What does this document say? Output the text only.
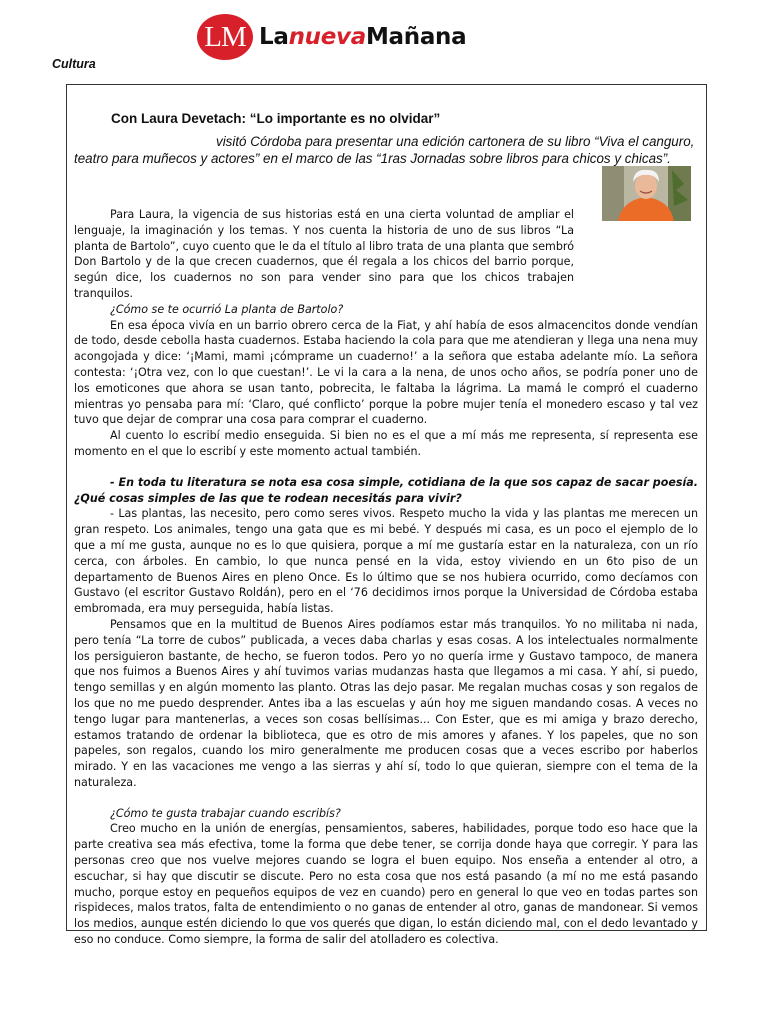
LM LanuevaMañana
Cultura
Con Laura Devetach: “Lo importante es no olvidar”
visitó Córdoba para presentar una edición cartonera de su libro “Viva el canguro, teatro para muñecos y actores” en el marco de las “1ras Jornadas sobre libros para chicos y chicas”.

Para Laura, la vigencia de sus historias está en una cierta voluntad de ampliar el lenguaje, la imaginación y los temas. Y nos cuenta la historia de uno de sus libros “La planta de Bartolo”, cuyo cuento que le da el título al libro trata de una planta que sembró Don Bartolo y de la que crecen cuadernos, que él regala a los chicos del barrio porque, según dice, los cuadernos no son para vender sino para que los chicos trabajen tranquilos.

¿Cómo se te ocurrió La planta de Bartolo?

En esa época vivía en un barrio obrero cerca de la Fiat, y ahí había de esos almacencitos donde vendían de todo, desde cebolla hasta cuadernos. Estaba haciendo la cola para que me atendieran y llega una nena muy acongojada y dice: ‘¡Mami, mami ¡cómprame un cuaderno!’ a la señora que estaba adelante mío. La señora contesta: ‘¡Otra vez, con lo que cuestan!’. Le vi la cara a la nena, de unos ocho años, se podría poner uno de los emoticones que ahora se usan tanto, pobrecita, le faltaba la lágrima. La mamá le compró el cuaderno mientras yo pensaba para mí: ‘Claro, qué conflicto’ porque la pobre mujer tenía el monedero escaso y tal vez tuvo que dejar de comprar una cosa para comprar el cuaderno.

Al cuento lo escribí medio enseguida. Si bien no es el que a mí más me representa, sí representa ese momento en el que lo escribí y este momento actual también.

- En toda tu literatura se nota esa cosa simple, cotidiana de la que sos capaz de sacar poesía. ¿Qué cosas simples de las que te rodean necesitás para vivir?

- Las plantas, las necesito, pero como seres vivos. Respeto mucho la vida y las plantas me merecen un gran respeto. Los animales, tengo una gata que es mi bebé. Y después mi casa, es un poco el ejemplo de lo que a mí me gusta, aunque no es lo que quisiera, porque a mí me gustaría estar en la naturaleza, con un río cerca, con árboles. En cambio, lo que nunca pensé en la vida, estoy viviendo en un 6to piso de un departamento de Buenos Aires en pleno Once. Es lo último que se nos hubiera ocurrido, como decíamos con Gustavo (el escritor Gustavo Roldán), pero en el ‘76 decidimos irnos porque la Universidad de Córdoba estaba embromada, era muy perseguida, había listas.

Pensamos que en la multitud de Buenos Aires podíamos estar más tranquilos. Yo no militaba ni nada, pero tenía “La torre de cubos” publicada, a veces daba charlas y esas cosas. A los intelectuales normalmente los persiguieron bastante, de hecho, se fueron todos. Pero yo no quería irme y Gustavo tampoco, de manera que nos fuimos a Buenos Aires y ahí tuvimos varias mudanzas hasta que llegamos a mi casa. Y ahí, si puedo, tengo semillas y en algún momento las planto. Otras las dejo pasar. Me regalan muchas cosas y son regalos de los que no me puedo desprender. Antes iba a las escuelas y aún hoy me siguen mandando cosas. A veces no tengo lugar para mantenerlas, a veces son cosas bellísimas... Con Ester, que es mi amiga y brazo derecho, estamos tratando de ordenar la biblioteca, que es otro de mis amores y afanes. Y los papeles, que no son papeles, son regalos, cuando los miro generalmente me producen cosas que a veces escribo por haberlos mirado. Y en las vacaciones me vengo a las sierras y ahí sí, todo lo que quieran, siempre con el tema de la naturaleza.

¿Cómo te gusta trabajar cuando escribís?

Creo mucho en la unión de energías, pensamientos, saberes, habilidades, porque todo eso hace que la parte creativa sea más efectiva, tome la forma que debe tener, se corrija donde haya que corregir. Y para las personas creo que nos vuelve mejores cuando se logra el buen equipo. Nos enseña a entender al otro, a escuchar, si hay que discutir se discute. Pero no esta cosa que nos está pasando (a mí no me está pasando mucho, porque estoy en pequeños equipos de vez en cuando) pero en general lo que veo en todas partes son rispideces, malos tratos, falta de entendimiento o no ganas de entender al otro, ganas de mandonear. Si vemos los medios, aunque estén diciendo lo que vos querés que digan, lo están diciendo mal, con el dedo levantado y eso no conduce. Como siempre, la forma de salir del atolladero es colectiva.
